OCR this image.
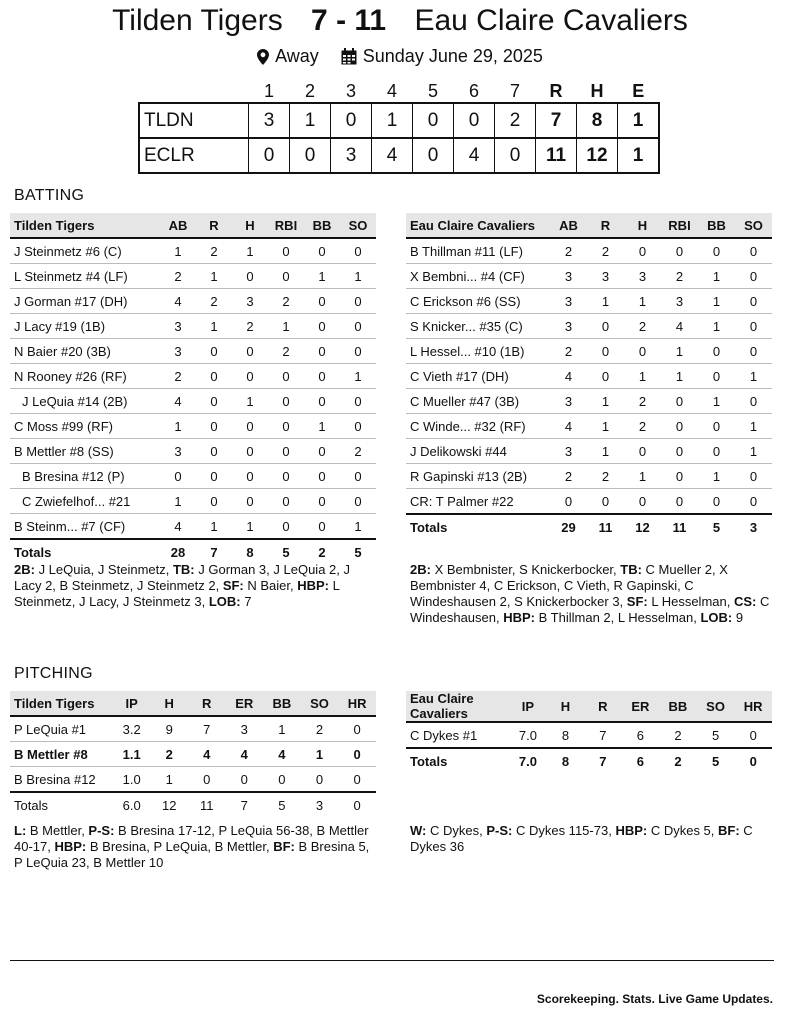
Tilden Tigers 7 - 11 Eau Claire Cavaliers
Away Sunday June 29, 2025
	1	2	3	4	5	6	7	R	H	E
TLDN	3	1	0	1	0	0	2	7	8	1
ECLR	0	0	3	4	0	4	0	11	12	1
BATTING
Tilden Tigers	AB	R	H	RBI	BB	SO
J Steinmetz #6 (C)	1	2	1	0	0	0
L Steinmetz #4 (LF)	2	1	0	0	1	1
J Gorman #17 (DH)	4	2	3	2	0	0
J Lacy #19 (1B)	3	1	2	1	0	0
N Baier #20 (3B)	3	0	0	2	0	0
N Rooney #26 (RF)	2	0	0	0	0	1
J LeQuia #14 (2B)	4	0	1	0	0	0
C Moss #99 (RF)	1	0	0	0	1	0
B Mettler #8 (SS)	3	0	0	0	0	2
B Bresina #12 (P)	0	0	0	0	0	0
C Zwiefelhof... #21	1	0	0	0	0	0
B Steinm... #7 (CF)	4	1	1	0	0	1
Totals	28	7	8	5	2	5
Eau Claire Cavaliers	AB	R	H	RBI	BB	SO
B Thillman #11 (LF)	2	2	0	0	0	0
X Bembni... #4 (CF)	3	3	3	2	1	0
C Erickson #6 (SS)	3	1	1	3	1	0
S Knicker... #35 (C)	3	0	2	4	1	0
L Hessel... #10 (1B)	2	0	0	1	0	0
C Vieth #17 (DH)	4	0	1	1	0	1
C Mueller #47 (3B)	3	1	2	0	1	0
C Winde... #32 (RF)	4	1	2	0	0	1
J Delikowski #44	3	1	0	0	0	1
R Gapinski #13 (2B)	2	2	1	0	1	0
CR: T Palmer #22	0	0	0	0	0	0
Totals	29	11	12	11	5	3
2B: J LeQuia, J Steinmetz, TB: J Gorman 3, J LeQuia 2, J Lacy 2, B Steinmetz, J Steinmetz 2, SF: N Baier, HBP: L Steinmetz, J Lacy, J Steinmetz 3, LOB: 7
2B: X Bembnister, S Knickerbocker, TB: C Mueller 2, X Bembnister 4, C Erickson, C Vieth, R Gapinski, C Windeshausen 2, S Knickerbocker 3, SF: L Hesselman, CS: C Windeshausen, HBP: B Thillman 2, L Hesselman, LOB: 9
PITCHING
Tilden Tigers	IP	H	R	ER	BB	SO	HR
P LeQuia #1	3.2	9	7	3	1	2	0
B Mettler #8	1.1	2	4	4	4	1	0
B Bresina #12	1.0	1	0	0	0	0	0
Totals	6.0	12	11	7	5	3	0
Eau Claire Cavaliers	IP	H	R	ER	BB	SO	HR
C Dykes #1	7.0	8	7	6	2	5	0
Totals	7.0	8	7	6	2	5	0
L: B Mettler, P-S: B Bresina 17-12, P LeQuia 56-38, B Mettler 40-17, HBP: B Bresina, P LeQuia, B Mettler, BF: B Bresina 5, P LeQuia 23, B Mettler 10
W: C Dykes, P-S: C Dykes 115-73, HBP: C Dykes 5, BF: C Dykes 36
Scorekeeping. Stats. Live Game Updates.
